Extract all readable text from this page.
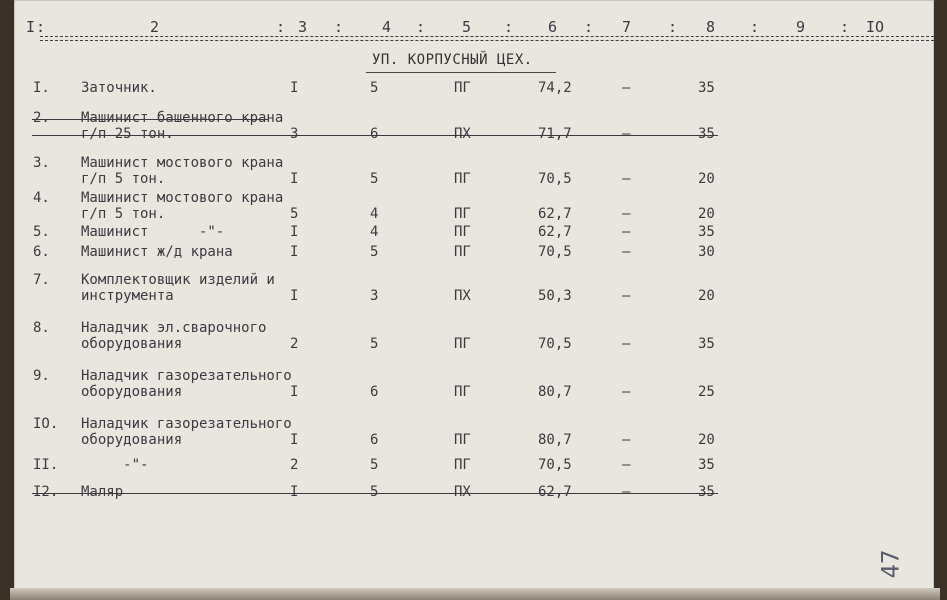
I :	2	: 3 :	4 : 5 : 6 : 7 : 8 : 9 : IO
УП. КОРПУСНЫЙ ЦЕХ.
I. Заточник.	I	5	ПГ	74,2	–	35
2. Машинист башенного крана
г/п 25 тон.	3	6	ПХ	71,7	–	35
3. Машинист мостового крана
г/п 5 тон.	I	5	ПГ	70,5	–	20
4. Машинист мостового крана
г/п 5 тон.	5	4	ПГ	62,7	–	20
5. Машинист      -"-	I	4	ПГ	62,7	–	35
6. Машинист ж/д крана	I	5	ПГ	70,5	–	30
7. Комплектовщик изделий и
инструмента	I	3	ПХ	50,3	–	20
8. Наладчик эл.сварочного
оборудования	2	5	ПГ	70,5	–	35
9. Наладчик газорезательного
оборудования	I	6	ПГ	80,7	–	25
IO. Наладчик газорезательного
оборудования	I	6	ПГ	80,7	–	20
II. -"-	2	5	ПГ	70,5	–	35
I2. Маляр	I	5	ПХ	62,7	–	35
47
